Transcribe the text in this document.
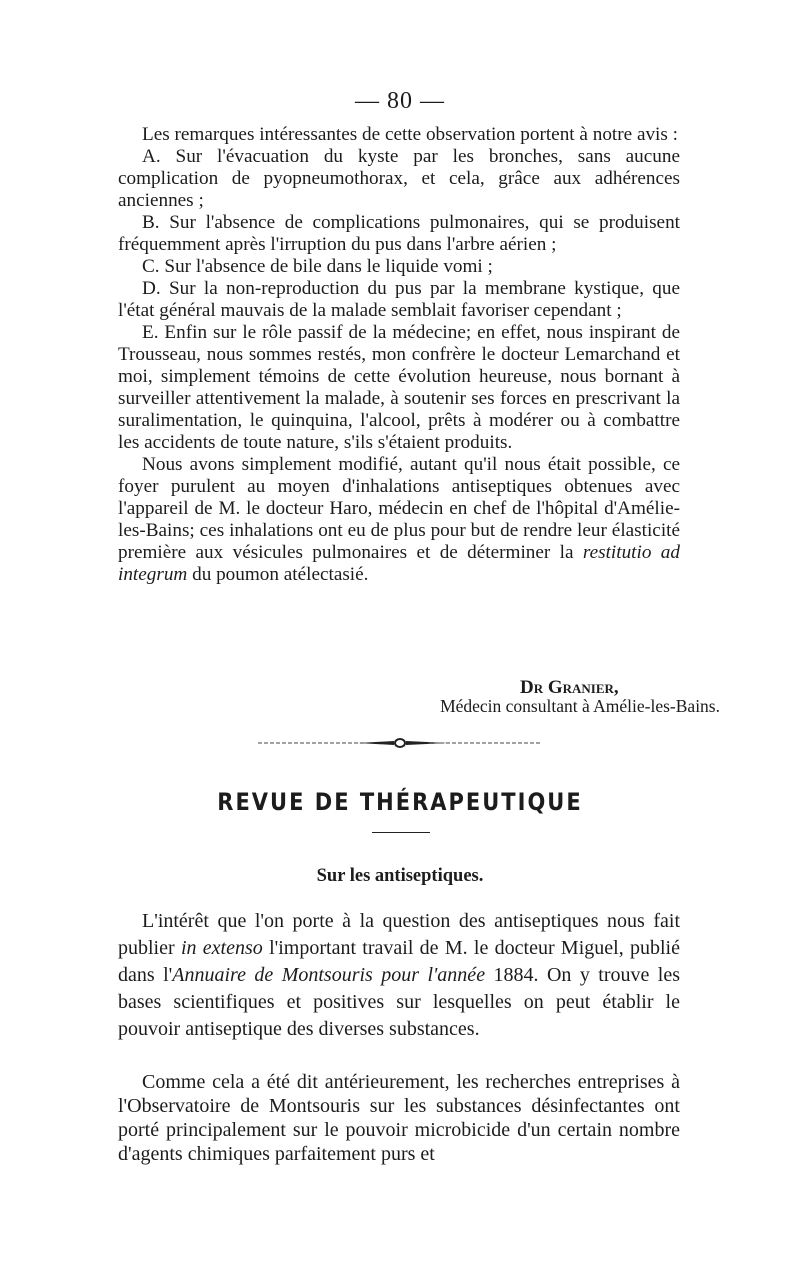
— 80 —

Les remarques intéressantes de cette observation portent à notre avis :

A. Sur l'évacuation du kyste par les bronches, sans aucune complication de pyopneumothorax, et cela, grâce aux adhérences anciennes ;

B. Sur l'absence de complications pulmonaires, qui se produisent fréquemment après l'irruption du pus dans l'arbre aérien ;

C. Sur l'absence de bile dans le liquide vomi ;

D. Sur la non-reproduction du pus par la membrane kystique, que l'état général mauvais de la malade semblait favoriser cependant ;

E. Enfin sur le rôle passif de la médecine; en effet, nous inspirant de Trousseau, nous sommes restés, mon confrère le docteur Lemarchand et moi, simplement témoins de cette évolution heureuse, nous bornant à surveiller attentivement la malade, à soutenir ses forces en prescrivant la suralimentation, le quinquina, l'alcool, prêts à modérer ou à combattre les accidents de toute nature, s'ils s'étaient produits.

Nous avons simplement modifié, autant qu'il nous était possible, ce foyer purulent au moyen d'inhalations antiseptiques obtenues avec l'appareil de M. le docteur Haro, médecin en chef de l'hôpital d'Amélie-les-Bains; ces inhalations ont eu de plus pour but de rendre leur élasticité première aux vésicules pulmonaires et de déterminer la restitutio ad integrum du poumon atélectasié.

Dr Granier,
Médecin consultant à Amélie-les-Bains.
REVUE DE THÉRAPEUTIQUE
Sur les antiseptiques.

L'intérêt que l'on porte à la question des antiseptiques nous fait publier in extenso l'important travail de M. le docteur Miguel, publié dans l'Annuaire de Montsouris pour l'année 1884. On y trouve les bases scientifiques et positives sur lesquelles on peut établir le pouvoir antiseptique des diverses substances.

Comme cela a été dit antérieurement, les recherches entreprises à l'Observatoire de Montsouris sur les substances désinfectantes ont porté principalement sur le pouvoir microbicide d'un certain nombre d'agents chimiques parfaitement purs et
